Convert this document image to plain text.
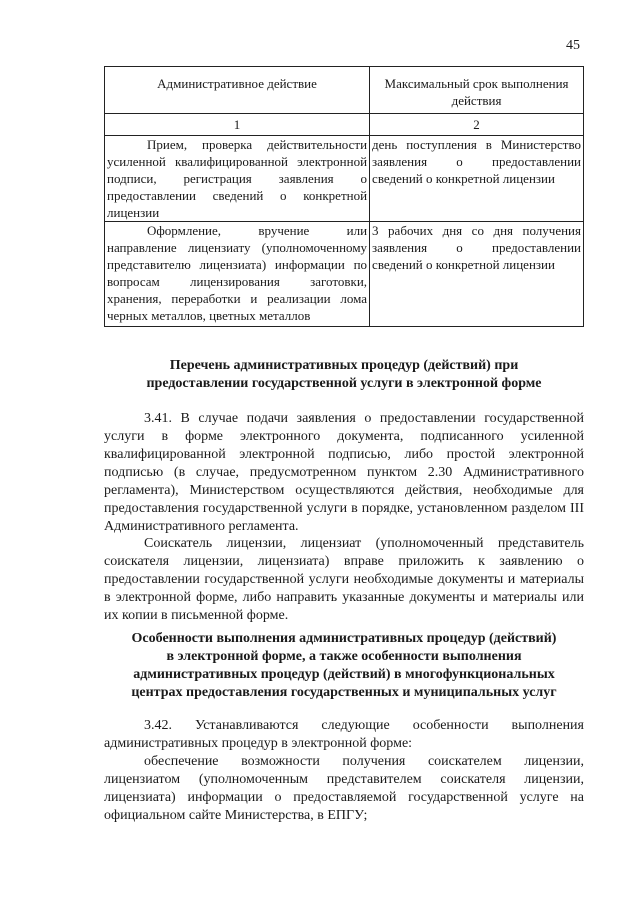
45
Административное действие	Максимальный срок выполнения действия
1	2
Прием, проверка действительности усиленной квалифицированной электронной подписи, регистрация заявления о предоставлении сведений о конкретной лицензии	день поступления в Министерство заявления о предоставлении сведений о конкретной лицензии
Оформление, вручение или направление лицензиату (уполномоченному представителю лицензиата) информации по вопросам лицензирования заготовки, хранения, переработки и реализации лома черных металлов, цветных металлов	3 рабочих дня со дня получения заявления о предоставлении сведений о конкретной лицензии
Перечень административных процедур (действий) при
предоставлении государственной услуги в электронной форме

3.41. В случае подачи заявления о предоставлении государственной услуги в форме электронного документа, подписанного усиленной квалифицированной электронной подписью, либо простой электронной подписью (в случае, предусмотренном пунктом 2.30 Административного регламента), Министерством осуществляются действия, необходимые для предоставления государственной услуги в порядке, установленном разделом III Административного регламента.

Соискатель лицензии, лицензиат (уполномоченный представитель соискателя лицензии, лицензиата) вправе приложить к заявлению о предоставлении государственной услуги необходимые документы и материалы в электронной форме, либо направить указанные документы и материалы или их копии в письменной форме.

Особенности выполнения административных процедур (действий)
в электронной форме, а также особенности выполнения
административных процедур (действий) в многофункциональных
центрах предоставления государственных и муниципальных услуг

3.42. Устанавливаются следующие особенности выполнения административных процедур в электронной форме:

обеспечение возможности получения соискателем лицензии, лицензиатом (уполномоченным представителем соискателя лицензии, лицензиата) информации о предоставляемой государственной услуге на официальном сайте Министерства, в ЕПГУ;
